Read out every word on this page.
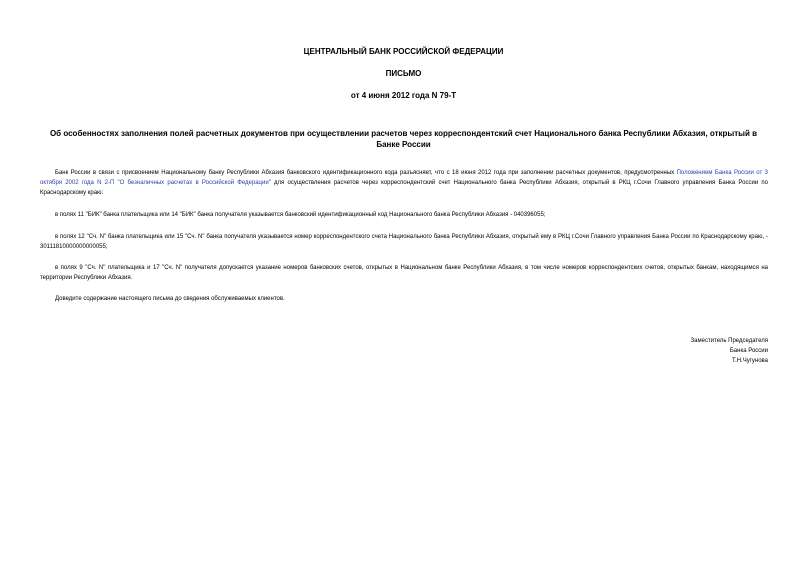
ЦЕНТРАЛЬНЫЙ БАНК РОССИЙСКОЙ ФЕДЕРАЦИИ
ПИСЬМО
от 4 июня 2012 года N 79-Т
Об особенностях заполнения полей расчетных документов при осуществлении расчетов через корреспондентский счет Национального банка Республики Абхазия, открытый в Банке России
Банк России в связи с присвоением Национальному банку Республики Абхазия банковского идентификационного кода разъясняет, что с 18 июня 2012 года при заполнении расчетных документов, предусмотренных Положением Банка России от 3 октября 2002 года N 2-П "О безналичных расчетах в Российской Федерации" для осуществления расчетов через корреспондентский счет Национального банка Республики Абхазия, открытый в РКЦ г.Сочи Главного управления Банка России по Краснодарскому краю:
в полях 11 "БИК" банка плательщика или 14 "БИК" банка получателя указывается банковский идентификационный код Национального банка Республики Абхазия - 040396055;
в полях 12 "Сч. N" банка плательщика или 15 "Сч. N" банка получателя указывается номер корреспондентского счета Национального банка Республики Абхазия, открытый ему в РКЦ г.Сочи Главного управления Банка России по Краснодарскому краю, - 30111810000000000055;
в полях 9 "Сч. N" плательщика и 17 "Сч. N" получателя допускается указание номеров банковских счетов, открытых в Национальном банке Республики Абхазия, в том числе номеров корреспондентских счетов, открытых банкам, находящимся на территории Республики Абхазия.
Доведите содержание настоящего письма до сведения обслуживаемых клиентов.
Заместитель Председателя
Банка России
Т.Н.Чугунова
